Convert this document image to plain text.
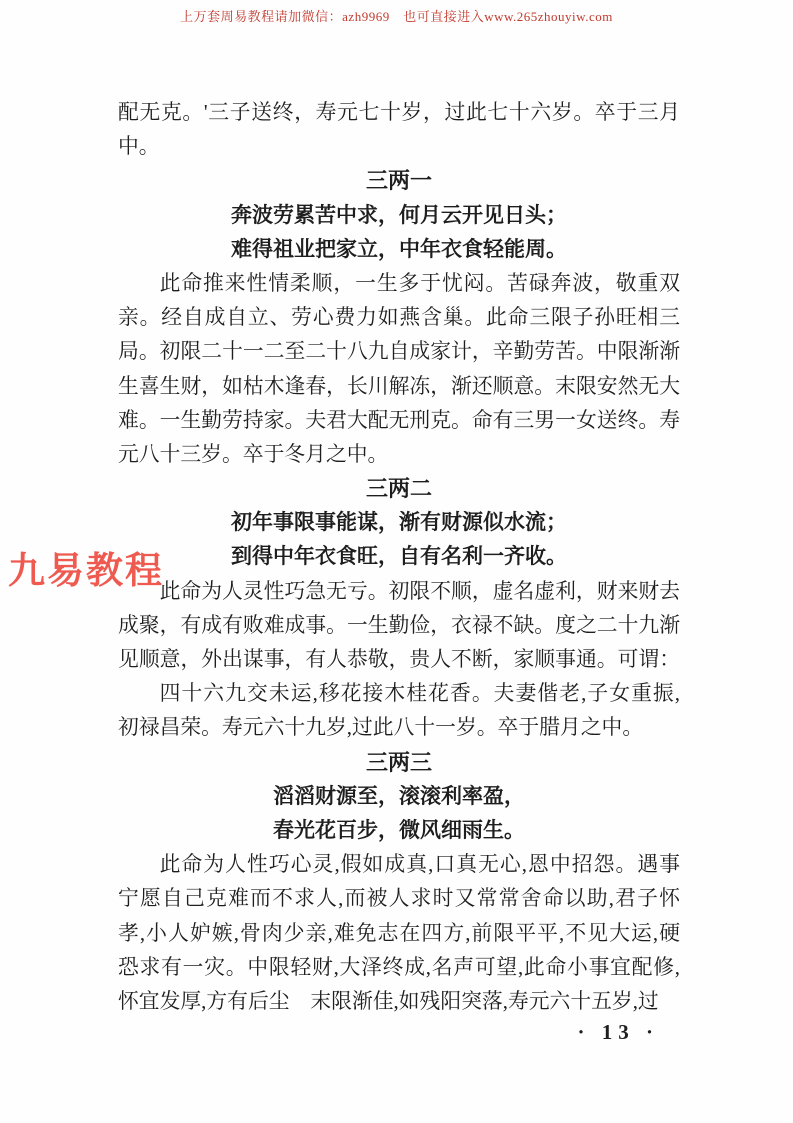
上万套周易教程请加微信：azh9969　也可直接进入www.265zhouyiw.com
九易教程
配无克。'三子送终，寿元七十岁，过此七十六岁。卒于三月
中。
三两一
奔波劳累苦中求，何月云开见日头；
难得祖业把家立，中年衣食轻能周。
此命推来性情柔顺，一生多于忧闷。苦碌奔波，敬重双
亲。经自成自立、劳心费力如燕含巢。此命三限子孙旺相三
局。初限二十一二至二十八九自成家计，辛勤劳苦。中限渐渐
生喜生财，如枯木逢春，长川解冻，渐还顺意。末限安然无大
难。一生勤劳持家。夫君大配无刑克。命有三男一女送终。寿
元八十三岁。卒于冬月之中。
三两二
初年事限事能谋，渐有财源似水流；
到得中年衣食旺，自有名利一齐收。
此命为人灵性巧急无亏。初限不顺，虚名虚利，财来财去
成聚，有成有败难成事。一生勤俭，衣禄不缺。度之二十九渐
见顺意，外出谋事，有人恭敬，贵人不断，家顺事通。可谓：
四十六九交未运,移花接木桂花香。夫妻偕老,子女重振,
初禄昌荣。寿元六十九岁,过此八十一岁。卒于腊月之中。
三两三
滔滔财源至，滚滚利率盈，
春光花百步，微风细雨生。
此命为人性巧心灵,假如成真,口真无心,恩中招怨。遇事
宁愿自己克难而不求人,而被人求时又常常舍命以助,君子怀
孝,小人妒嫉,骨肉少亲,难免志在四方,前限平平,不见大运,硬
恐求有一灾。中限轻财,大泽终成,名声可望,此命小事宜配修,
怀宜发厚,方有后尘　末限渐佳,如残阳突落,寿元六十五岁,过
· 13 ·
